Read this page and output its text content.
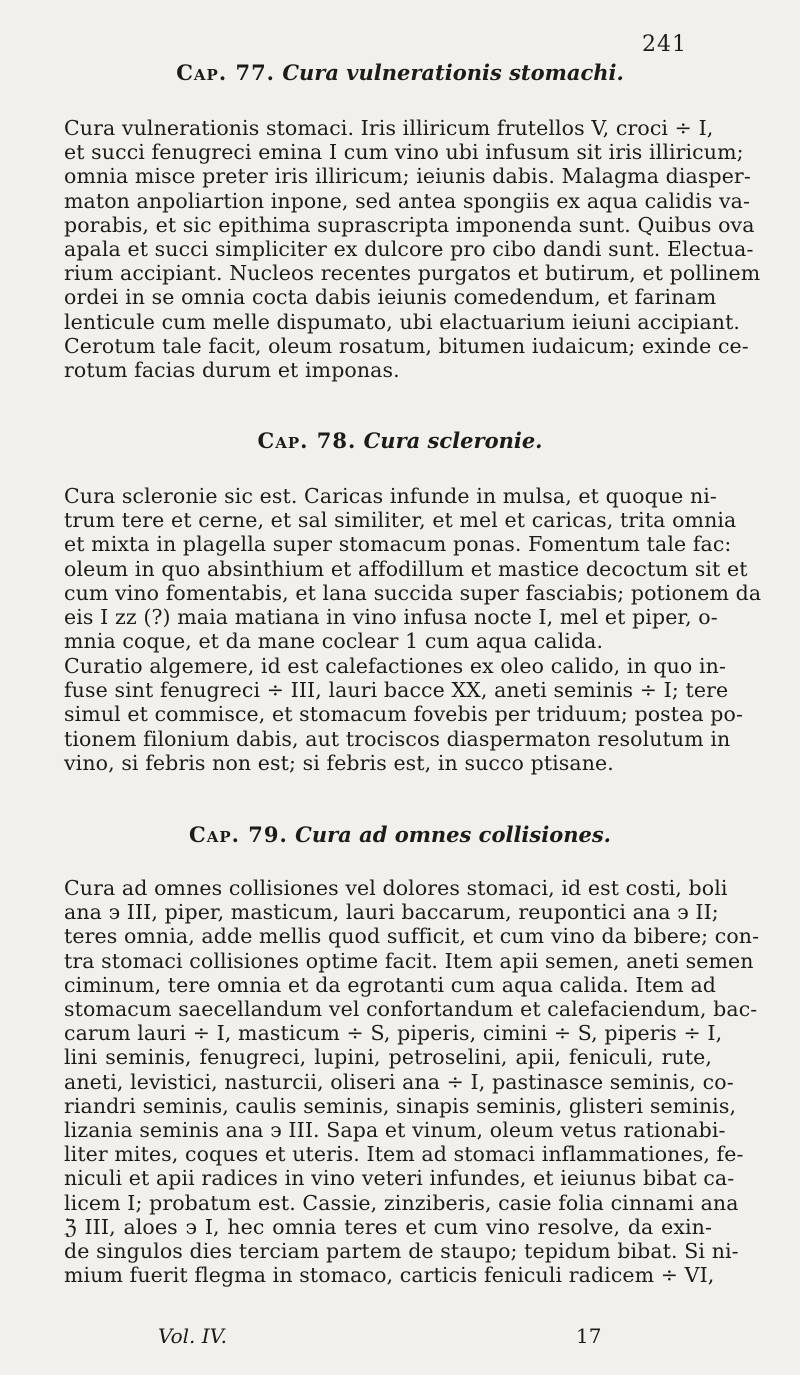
241
Cap. 77. Cura vulnerationis stomachi.
Cura vulnerationis stomaci. Iris illiricum frutellos V, croci ÷ I,
et succi fenugreci emina I cum vino ubi infusum sit iris illiricum;
omnia misce preter iris illiricum; ieiunis dabis. Malagma diasper-
maton anpoliartion inpone, sed antea spongiis ex aqua calidis va-
porabis, et sic epithima suprascripta imponenda sunt. Quibus ova
apala et succi simpliciter ex dulcore pro cibo dandi sunt. Electua-
rium accipiant. Nucleos recentes purgatos et butirum, et pollinem
ordei in se omnia cocta dabis ieiunis comedendum, et farinam
lenticule cum melle dispumato, ubi elactuarium ieiuni accipiant.
Cerotum tale facit, oleum rosatum, bitumen iudaicum; exinde ce-
rotum facias durum et imponas.
Cap. 78. Cura scleronie.
Cura scleronie sic est. Caricas infunde in mulsa, et quoque ni-
trum tere et cerne, et sal similiter, et mel et caricas, trita omnia
et mixta in plagella super stomacum ponas. Fomentum tale fac:
oleum in quo absinthium et affodillum et mastice decoctum sit et
cum vino fomentabis, et lana succida super fasciabis; potionem da
eis I zz (?) maia matiana in vino infusa nocte I, mel et piper, o-
mnia coque, et da mane coclear 1 cum aqua calida.
Curatio algemere, id est calefactiones ex oleo calido, in quo in-
fuse sint fenugreci ÷ III, lauri bacce XX, aneti seminis ÷ I; tere
simul et commisce, et stomacum fovebis per triduum; postea po-
tionem filonium dabis, aut trociscos diaspermaton resolutum in
vino, si febris non est; si febris est, in succo ptisane.
Cap. 79. Cura ad omnes collisiones.
Cura ad omnes collisiones vel dolores stomaci, id est costi, boli
ana ϶ III, piper, masticum, lauri baccarum, reupontici ana ϶ II;
teres omnia, adde mellis quod sufficit, et cum vino da bibere; con-
tra stomaci collisiones optime facit. Item apii semen, aneti semen
ciminum, tere omnia et da egrotanti cum aqua calida. Item ad
stomacum saecellandum vel confortandum et calefaciendum, bac-
carum lauri ÷ I, masticum ÷ S, piperis, cimini ÷ S, piperis ÷ I,
lini seminis, fenugreci, lupini, petroselini, apii, feniculi, rute,
aneti, levistici, nasturcii, oliseri ana ÷ I, pastinasce seminis, co-
riandri seminis, caulis seminis, sinapis seminis, glisteri seminis,
lizania seminis ana ϶ III. Sapa et vinum, oleum vetus rationabi-
liter mites, coques et uteris. Item ad stomaci inflammationes, fe-
niculi et apii radices in vino veteri infundes, et ieiunus bibat ca-
licem I; probatum est. Cassie, zinziberis, casie folia cinnami ana
ℨ III, aloes ϶ I, hec omnia teres et cum vino resolve, da exin-
de singulos dies terciam partem de staupo; tepidum bibat. Si ni-
mium fuerit flegma in stomaco, carticis feniculi radicem ÷ VI,
Vol. IV.	17
